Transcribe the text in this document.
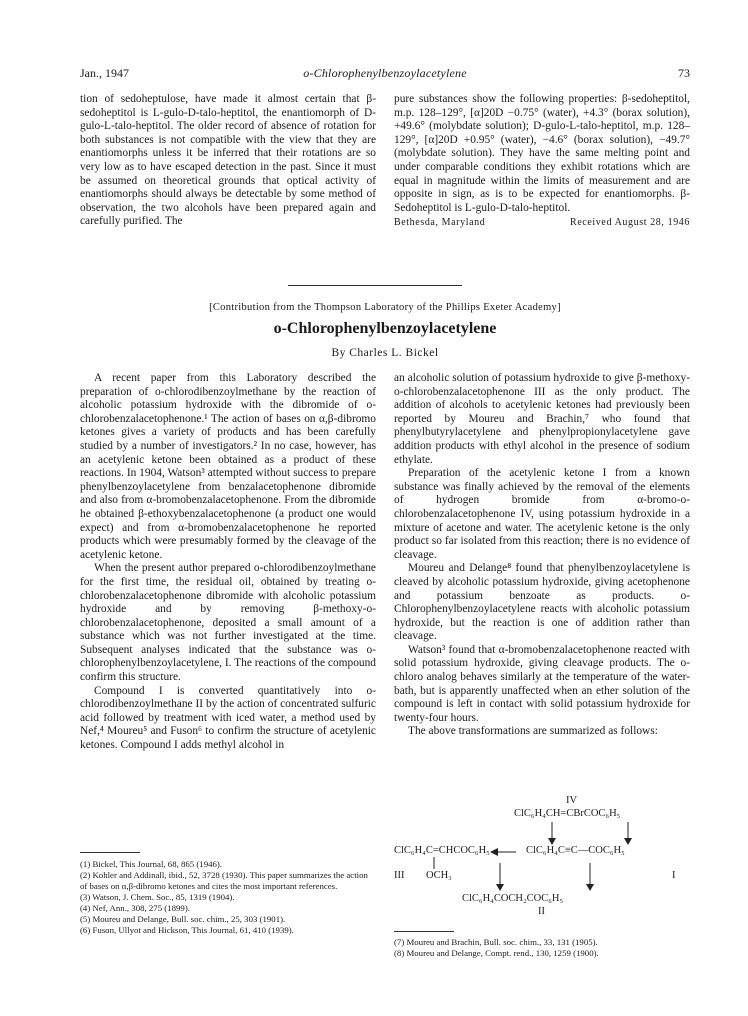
Jan., 1947	o-Chlorophenylbenzoylacetylene	73

tion of sedoheptulose, have made it almost certain that β-sedoheptitol is L-gulo-D-talo-heptitol, the enantiomorph of D-gulo-L-talo-heptitol. The older record of absence of rotation for both substances is not compatible with the view that they are enantiomorphs unless it be inferred that their rotations are so very low as to have escaped detection in the past. Since it must be assumed on theoretical grounds that optical activity of enantiomorphs should always be detectable by some method of observation, the two alcohols have been prepared again and carefully purified. The

pure substances show the following properties: β-sedoheptitol, m.p. 128–129°, [α]20D −0.75° (water), +4.3° (borax solution), +49.6° (molybdate solution); D-gulo-L-talo-heptitol, m.p. 128–129°, [α]20D +0.95° (water), −4.6° (borax solution), −49.7° (molybdate solution). They have the same melting point and under comparable conditions they exhibit rotations which are equal in magnitude within the limits of measurement and are opposite in sign, as is to be expected for enantiomorphs. β-Sedoheptitol is L-gulo-D-talo-heptitol.

Bethesda, Maryland	Received August 28, 1946
[Contribution from the Thompson Laboratory of the Phillips Exeter Academy]
o-Chlorophenylbenzoylacetylene
By Charles L. Bickel

A recent paper from this Laboratory described the preparation of o-chlorodibenzoylmethane by the reaction of alcoholic potassium hydroxide with the dibromide of o-chlorobenzalacetophenone.¹ The action of bases on α,β-dibromo ketones gives a variety of products and has been carefully studied by a number of investigators.² In no case, however, has an acetylenic ketone been obtained as a product of these reactions. In 1904, Watson³ attempted without success to prepare phenylbenzoylacetylene from benzalacetophenone dibromide and also from α-bromobenzalacetophenone. From the dibromide he obtained β-ethoxybenzalacetophenone (a product one would expect) and from α-bromobenzalacetophenone he reported products which were presumably formed by the cleavage of the acetylenic ketone.

When the present author prepared o-chlorodibenzoylmethane for the first time, the residual oil, obtained by treating o-chlorobenzalacetophenone dibromide with alcoholic potassium hydroxide and by removing β-methoxy-o-chlorobenzalacetophenone, deposited a small amount of a substance which was not further investigated at the time. Subsequent analyses indicated that the substance was o-chlorophenylbenzoylacetylene, I. The reactions of the compound confirm this structure.

Compound I is converted quantitatively into o-chlorodibenzoylmethane II by the action of concentrated sulfuric acid followed by treatment with iced water, a method used by Nef,⁴ Moureu⁵ and Fuson⁶ to confirm the structure of acetylenic ketones. Compound I adds methyl alcohol in

an alcoholic solution of potassium hydroxide to give β-methoxy-o-chlorobenzalacetophenone III as the only product. The addition of alcohols to acetylenic ketones had previously been reported by Moureu and Brachin,⁷ who found that phenylbutyrylacetylene and phenylpropionylacetylene gave addition products with ethyl alcohol in the presence of sodium ethylate.

Preparation of the acetylenic ketone I from a known substance was finally achieved by the removal of the elements of hydrogen bromide from α-bromo-o-chlorobenzalacetophenone IV, using potassium hydroxide in a mixture of acetone and water. The acetylenic ketone is the only product so far isolated from this reaction; there is no evidence of cleavage.

Moureu and Delange⁸ found that phenylbenzoylacetylene is cleaved by alcoholic potassium hydroxide, giving acetophenone and potassium benzoate as products. o-Chlorophenylbenzoylacetylene reacts with alcoholic potassium hydroxide, but the reaction is one of addition rather than cleavage.

Watson³ found that α-bromobenzalacetophenone reacted with solid potassium hydroxide, giving cleavage products. The o-chloro analog behaves similarly at the temperature of the water-bath, but is apparently unaffected when an ether solution of the compound is left in contact with solid potassium hydroxide for twenty-four hours.

The above transformations are summarized as follows:

IV
ClC₆H₄CH=CBrCOC₆H₅
ClC₆H₄C=CHCOC₆H₅
III OCH₃
ClC₆H₄C≡C—COC₆H₅
I
ClC₆H₄COCH₂COC₆H₅
II
(1) Bickel, This Journal, 68, 865 (1946).
(2) Kohler and Addinall, ibid., 52, 3728 (1930). This paper summarizes the action of bases on α,β-dibromo ketones and cites the most important references.
(3) Watson, J. Chem. Soc., 85, 1319 (1904).
(4) Nef, Ann., 308, 275 (1899).
(5) Moureu and Delange, Bull. soc. chim., 25, 303 (1901).
(6) Fuson, Ullyot and Hickson, This Journal, 61, 410 (1939).
(7) Moureu and Brachin, Bull. soc. chim., 33, 131 (1905).
(8) Moureu and Delange, Compt. rend., 130, 1259 (1900).
